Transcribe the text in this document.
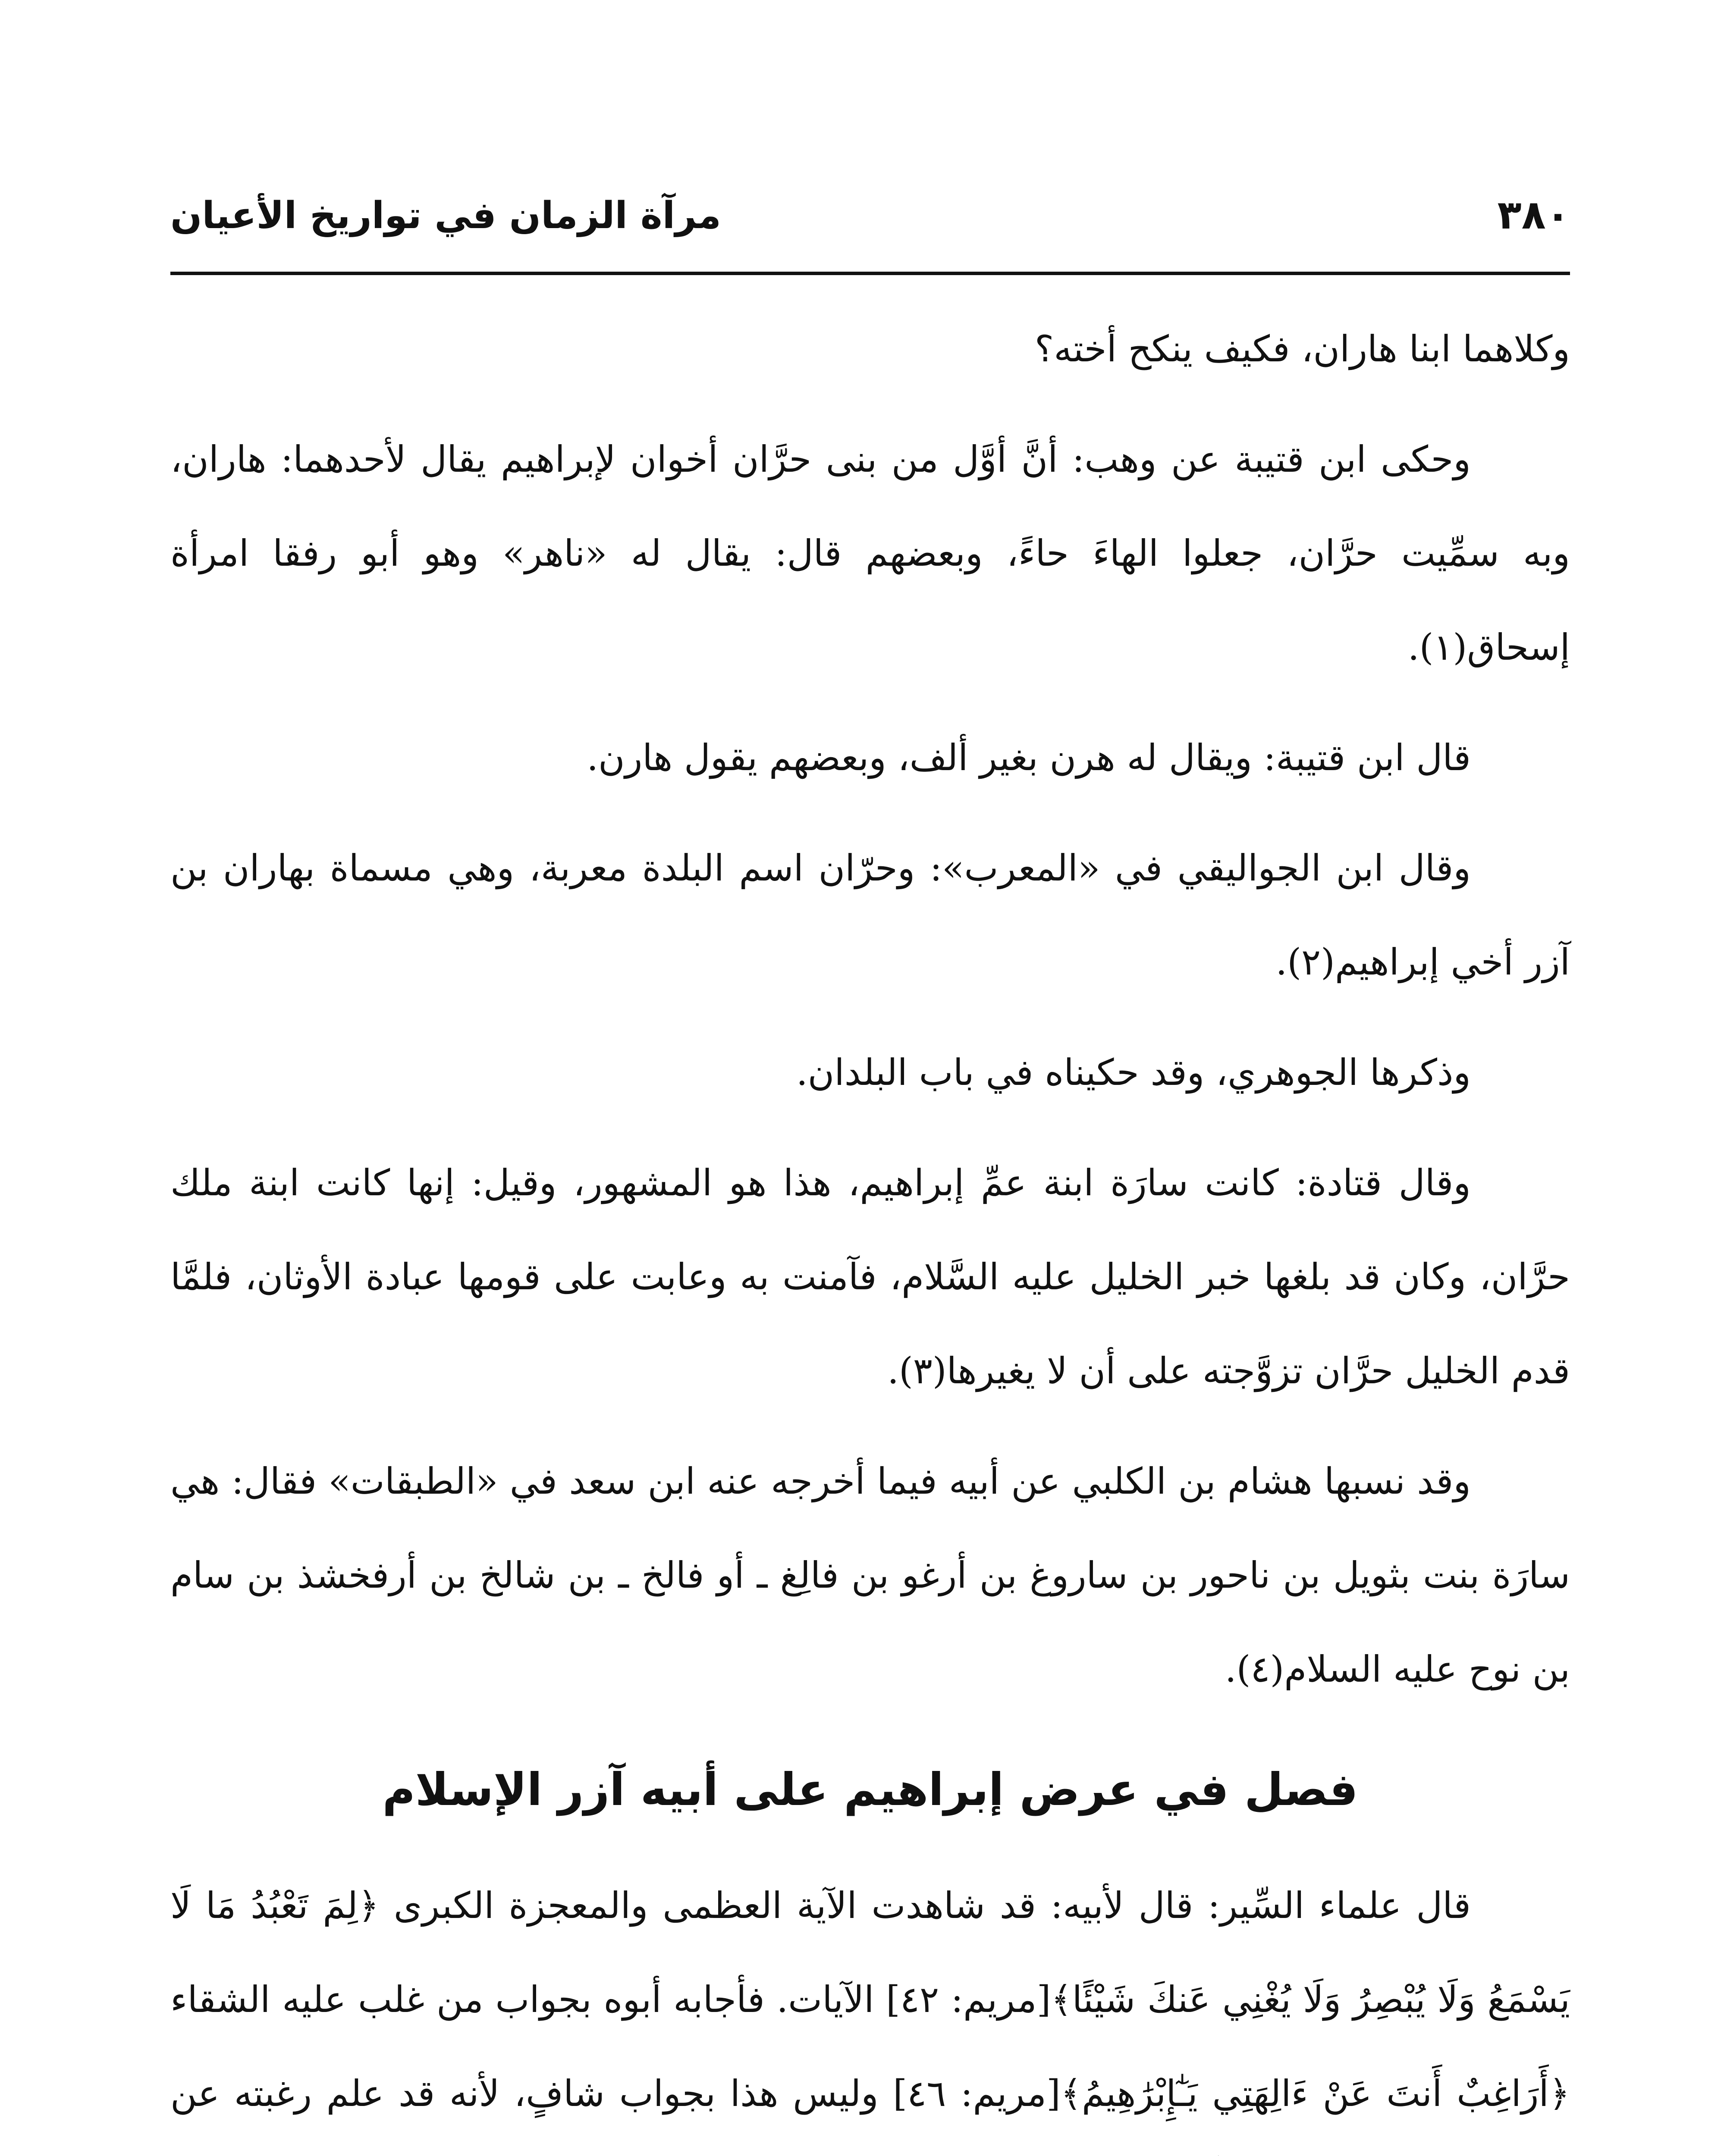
مرآة الزمان في تواريخ الأعيان	٣٨٠

وكلاهما ابنا هاران، فكيف ينكح أخته؟

وحكى ابن قتيبة عن وهب: أنَّ أوَّل من بنى حرَّان أخوان لإبراهيم يقال لأحدهما: هاران، وبه سمِّيت حرَّان، جعلوا الهاءَ حاءً، وبعضهم قال: يقال له «ناهر» وهو أبو رفقا امرأة إسحاق(١).

قال ابن قتيبة: ويقال له هرن بغير ألف، وبعضهم يقول هارن.

وقال ابن الجواليقي في «المعرب»: وحرّان اسم البلدة معربة، وهي مسماة بهاران بن آزر أخي إبراهيم(٢).

وذكرها الجوهري، وقد حكيناه في باب البلدان.

وقال قتادة: كانت سارَة ابنة عمِّ إبراهيم، هذا هو المشهور، وقيل: إنها كانت ابنة ملك حرَّان، وكان قد بلغها خبر الخليل عليه السَّلام، فآمنت به وعابت على قومها عبادة الأوثان، فلمَّا قدم الخليل حرَّان تزوَّجته على أن لا يغيرها(٣).

وقد نسبها هشام بن الكلبي عن أبيه فيما أخرجه عنه ابن سعد في «الطبقات» فقال: هي سارَة بنت بثويل بن ناحور بن ساروغ بن أرغو بن فالِغ ـ أو فالخ ـ بن شالخ بن أرفخشذ بن سام بن نوح عليه السلام(٤).

فصل في عرض إبراهيم على أبيه آزر الإسلام

قال علماء السِّير: قال لأبيه: قد شاهدت الآية العظمى والمعجزة الكبرى ﴿لِمَ تَعْبُدُ مَا لَا يَسْمَعُ وَلَا يُبْصِرُ وَلَا يُغْنِي عَنكَ شَيْئًا﴾[مريم: ٤٢] الآيات. فأجابه أبوه بجواب من غلب عليه الشقاء ﴿أَرَاغِبٌ أَنتَ عَنْ ءَالِهَتِي يَـٰٓإِبْرَٰهِيمُ﴾[مريم: ٤٦] وليس هذا بجواب شافٍ، لأنه قد علم رغبته عن
